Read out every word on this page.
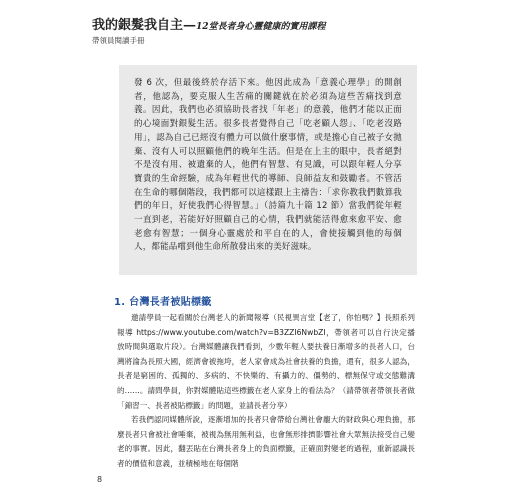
我的銀髮我自主—12堂長者身心靈健康的實用課程
帶領員閱讀手冊
發 6 次，但最後終於存活下來。他因此成為「意義心理學」的開創者，他認為，要克服人生苦痛的關鍵就在於必須為這些苦痛找到意義。因此，我們也必須協助長者找「年老」的意義，他們才能以正面的心境面對銀髮生活。很多長者覺得自己「吃老顧人怨」、「吃老沒路用」，認為自己已經沒有體力可以做什麼事情，或是擔心自己被子女拋棄、沒有人可以照顧他們的晚年生活。但是在上主的眼中，長者絕對不是沒有用、被遺棄的人，他們有智慧、有見識，可以跟年輕人分享寶貴的生命經驗，成為年輕世代的導師、良師益友和鼓勵者。不管活在生命的哪個階段，我們都可以這樣跟上主禱告：「求你教我們數算我們的年日，好使我們心得智慧。」（詩篇九十篇 12 節）當我們從年輕一直到老，若能好好照顧自己的心情，我們就能活得愈來愈平安、愈老愈有智慧；一個身心靈處於和平自在的人，會使接觸到他的每個人，都能品嚐到他生命所散發出來的美好滋味。
1. 台灣長者被貼標籤

邀請學員一起看關於台灣老人的新聞報導（民視異言堂【老了，你怕嗎？】長照系列報導 https://www.youtube.com/watch?v=B3ZZI6NwbZI，帶領者可以自行決定播放時間與選取片段）。台灣媒體讓我們看到，少數年輕人要扶養日漸增多的長者人口，台灣將淪為長照大國，經濟會被拖垮，老人家會成為社會扶養的負擔，還有，很多人認為，長者是窮困的、孤獨的、多病的、不快樂的、有攝力的、僵勢的、標無保守或交態難溝的……。請問學員，你對媒體貼這些標籤在老人家身上的看法為？（請帶領者帶領長者做「錦習一、長者被貼標籤」的問題，並請長者分享）

若我們認同媒體所說，逐漸增加的長者只會帶給台灣社會龐大的財政與心理負擔，那麼長者只會被社會唾棄，被視為無用無利益，也會無形排擠影響社會大眾無法接受自己變老的事實。因此，翻丟貼在台灣長者身上的負面標籤，正確面對變老的過程，重新認識長者的價值和意義，並積極地在每個階

8
